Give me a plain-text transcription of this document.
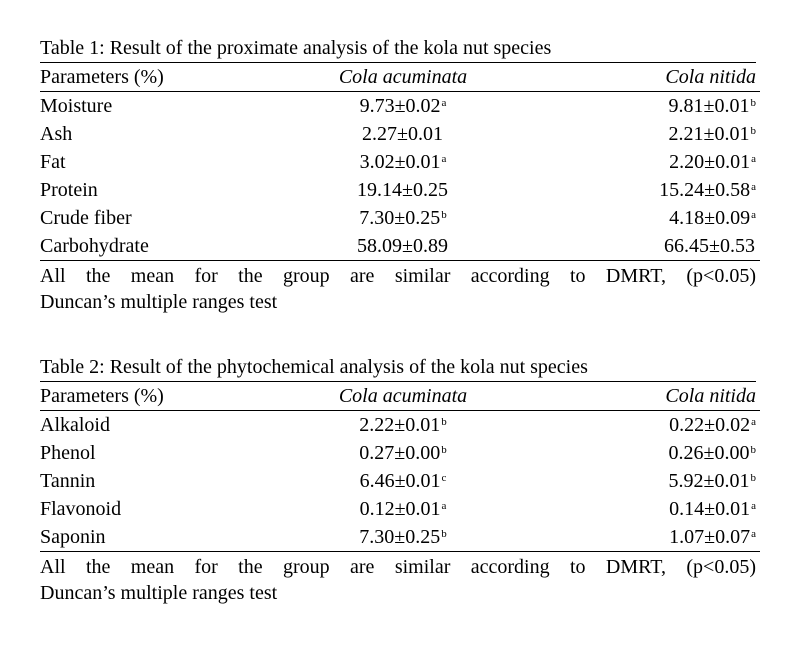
Table 1: Result of the proximate analysis of the kola nut species
Parameters (%)	Cola acuminata	Cola nitida
Moisture	9.73±0.02$^a$	9.81±0.01$^b$
Ash	2.27±0.01	2.21±0.01$^b$
Fat	3.02±0.01$^a$	2.20±0.01$^a$
Protein	19.14±0.25	15.24±0.58$^a$
Crude fiber	7.30±0.25$^b$	4.18±0.09$^a$
Carbohydrate	58.09±0.89	66.45±0.53
All the mean for the group are similar according to DMRT, (p<0.05)
Duncan’s multiple ranges test
Table 2: Result of the phytochemical analysis of the kola nut species
Parameters (%)	Cola acuminata	Cola nitida
Alkaloid	2.22±0.01$^b$	0.22±0.02$^a$
Phenol	0.27±0.00$^b$	0.26±0.00$^b$
Tannin	6.46±0.01$^c$	5.92±0.01$^b$
Flavonoid	0.12±0.01$^a$	0.14±0.01$^a$
Saponin	7.30±0.25$^b$	1.07±0.07$^a$
All the mean for the group are similar according to DMRT, (p<0.05)
Duncan’s multiple ranges test
